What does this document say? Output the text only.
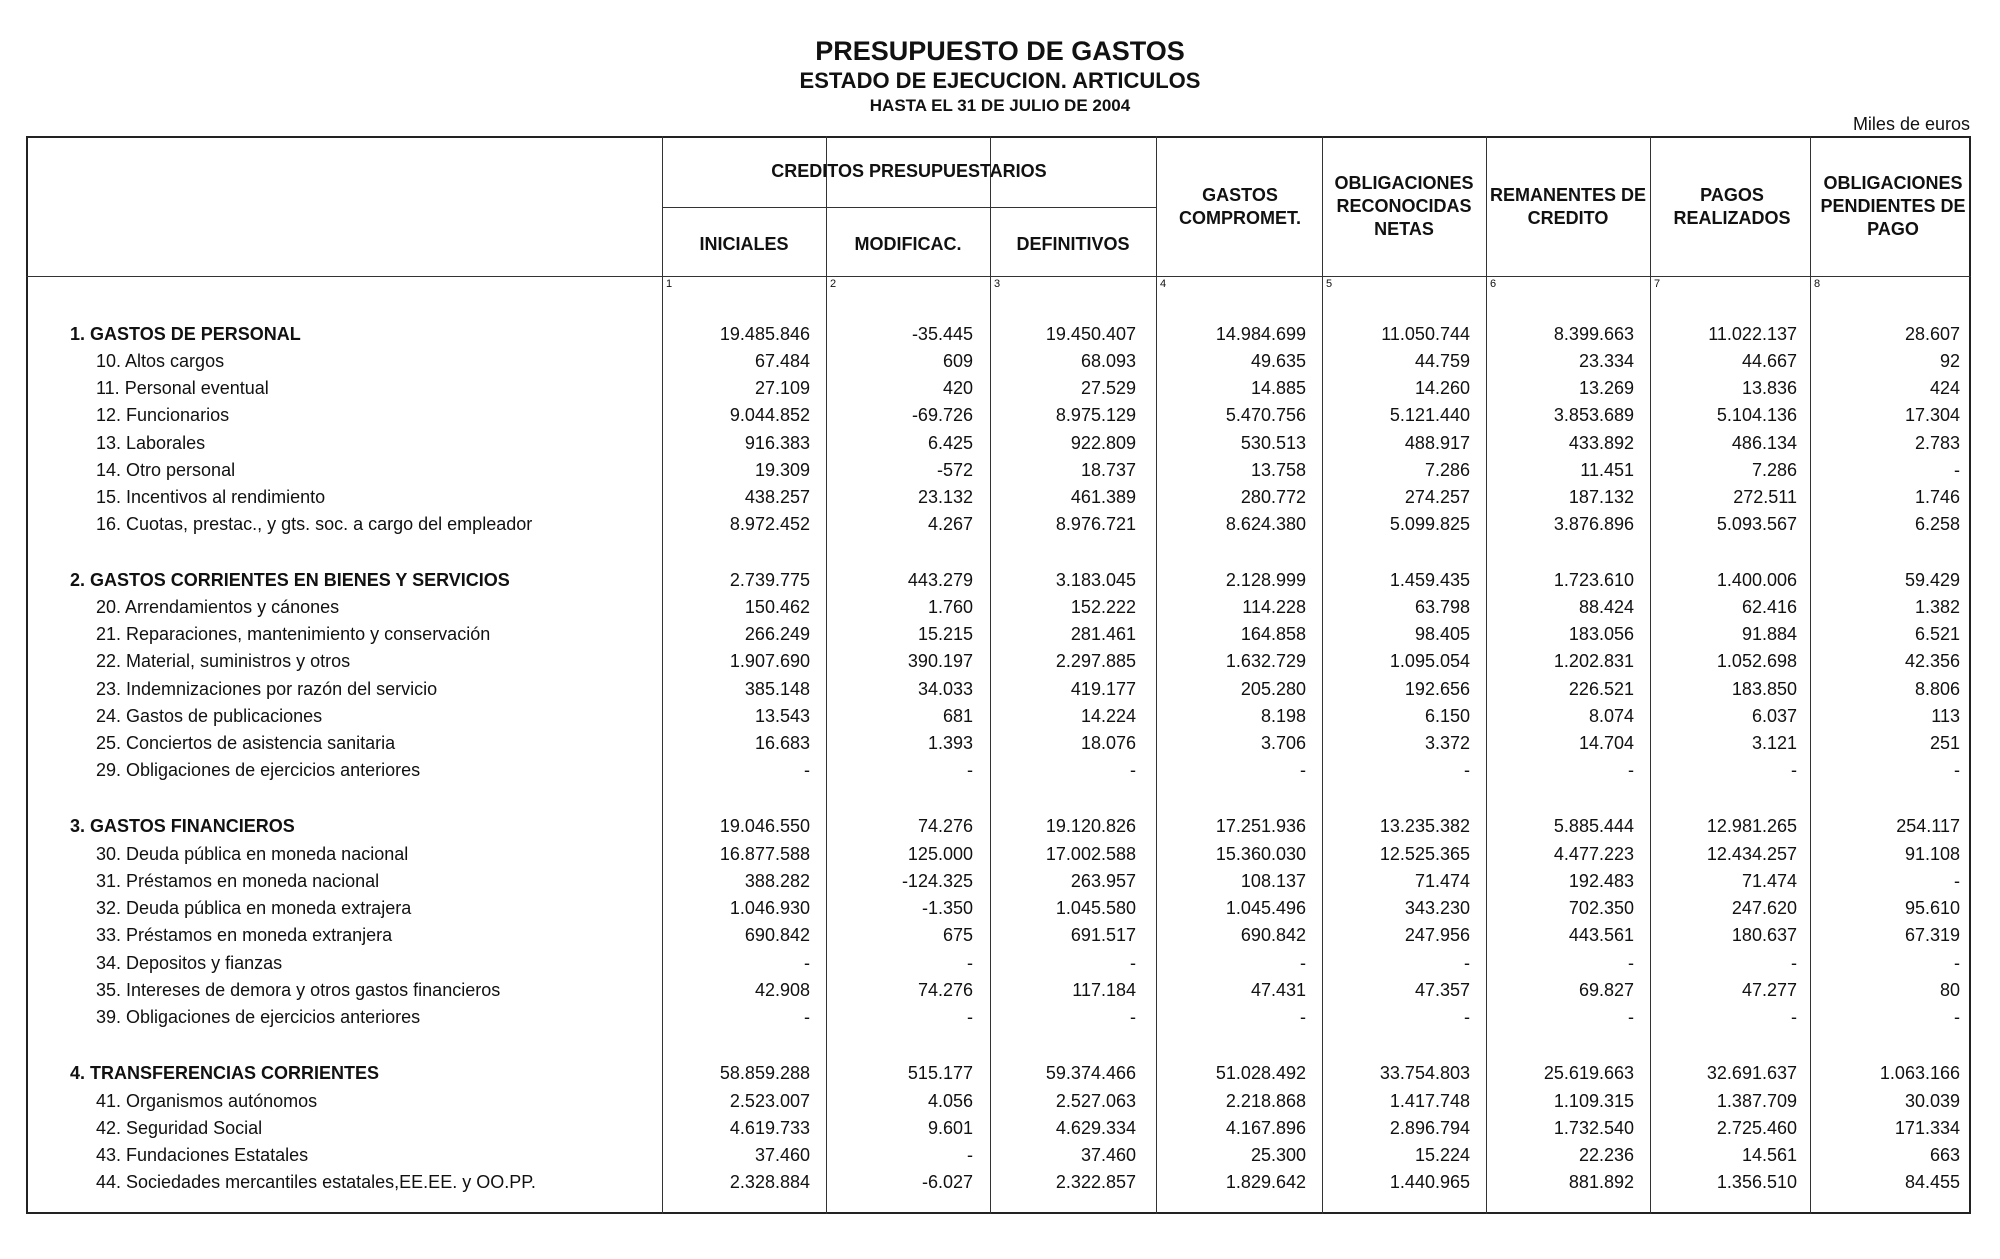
PRESUPUESTO DE GASTOS
ESTADO DE EJECUCION. ARTICULOS
HASTA EL 31 DE JULIO DE 2004
Miles de euros
CREDITOS PRESUPUESTARIOS
INICIALES	MODIFICAC.	DEFINITIVOS
GASTOS COMPROMET.
OBLIGACIONES RECONOCIDAS NETAS
REMANENTES DE CREDITO
PAGOS REALIZADOS
OBLIGACIONES PENDIENTES DE PAGO
1	2	3	4	5	6	7	8
1. GASTOS DE PERSONAL	19.485.846	-35.445	19.450.407	14.984.699	11.050.744	8.399.663	11.022.137	28.607
10. Altos cargos	67.484	609	68.093	49.635	44.759	23.334	44.667	92
11. Personal eventual	27.109	420	27.529	14.885	14.260	13.269	13.836	424
12. Funcionarios	9.044.852	-69.726	8.975.129	5.470.756	5.121.440	3.853.689	5.104.136	17.304
13. Laborales	916.383	6.425	922.809	530.513	488.917	433.892	486.134	2.783
14. Otro personal	19.309	-572	18.737	13.758	7.286	11.451	7.286	-
15. Incentivos al rendimiento	438.257	23.132	461.389	280.772	274.257	187.132	272.511	1.746
16. Cuotas, prestac., y gts. soc. a cargo del empleador	8.972.452	4.267	8.976.721	8.624.380	5.099.825	3.876.896	5.093.567	6.258
2. GASTOS CORRIENTES EN BIENES Y SERVICIOS	2.739.775	443.279	3.183.045	2.128.999	1.459.435	1.723.610	1.400.006	59.429
20. Arrendamientos y cánones	150.462	1.760	152.222	114.228	63.798	88.424	62.416	1.382
21. Reparaciones, mantenimiento y conservación	266.249	15.215	281.461	164.858	98.405	183.056	91.884	6.521
22. Material, suministros y otros	1.907.690	390.197	2.297.885	1.632.729	1.095.054	1.202.831	1.052.698	42.356
23. Indemnizaciones por razón del servicio	385.148	34.033	419.177	205.280	192.656	226.521	183.850	8.806
24. Gastos de publicaciones	13.543	681	14.224	8.198	6.150	8.074	6.037	113
25. Conciertos de asistencia sanitaria	16.683	1.393	18.076	3.706	3.372	14.704	3.121	251
29. Obligaciones de ejercicios anteriores	-	-	-	-	-	-	-	-
3. GASTOS FINANCIEROS	19.046.550	74.276	19.120.826	17.251.936	13.235.382	5.885.444	12.981.265	254.117
30. Deuda pública en moneda nacional	16.877.588	125.000	17.002.588	15.360.030	12.525.365	4.477.223	12.434.257	91.108
31. Préstamos en moneda nacional	388.282	-124.325	263.957	108.137	71.474	192.483	71.474	-
32. Deuda pública en moneda extrajera	1.046.930	-1.350	1.045.580	1.045.496	343.230	702.350	247.620	95.610
33. Préstamos en moneda extranjera	690.842	675	691.517	690.842	247.956	443.561	180.637	67.319
34. Depositos y fianzas	-	-	-	-	-	-	-	-
35. Intereses de demora y otros gastos financieros	42.908	74.276	117.184	47.431	47.357	69.827	47.277	80
39. Obligaciones de ejercicios anteriores	-	-	-	-	-	-	-	-
4. TRANSFERENCIAS CORRIENTES	58.859.288	515.177	59.374.466	51.028.492	33.754.803	25.619.663	32.691.637	1.063.166
41. Organismos autónomos	2.523.007	4.056	2.527.063	2.218.868	1.417.748	1.109.315	1.387.709	30.039
42. Seguridad Social	4.619.733	9.601	4.629.334	4.167.896	2.896.794	1.732.540	2.725.460	171.334
43. Fundaciones Estatales	37.460	-	37.460	25.300	15.224	22.236	14.561	663
44. Sociedades mercantiles estatales,EE.EE. y OO.PP.	2.328.884	-6.027	2.322.857	1.829.642	1.440.965	881.892	1.356.510	84.455
